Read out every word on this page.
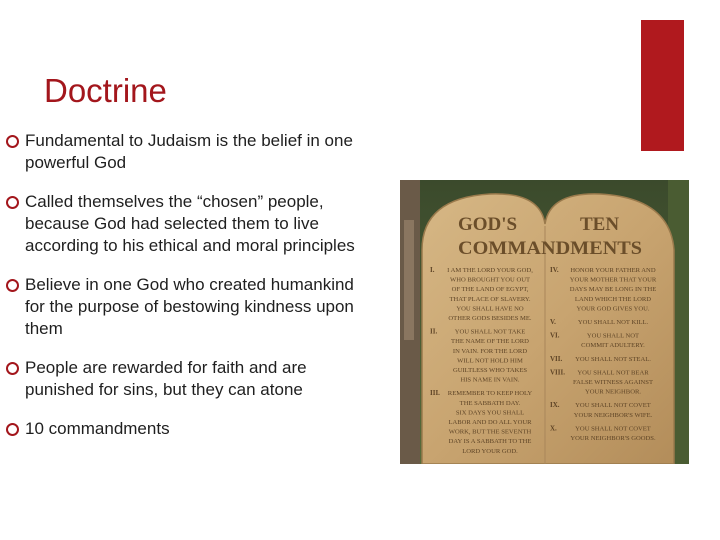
Doctrine
Fundamental to Judaism is the belief in one powerful God
Called themselves the “chosen” people, because God had selected them to live according to his ethical and moral principles
Believe in one God who created humankind for the purpose of bestowing kindness upon them
People are rewarded for faith and are punished for sins, but they can atone
10 commandments
GOD'S	TEN
COMMANDMENTS
I. I AM THE LORD YOUR GOD,
WHO BROUGHT YOU OUT
OF THE LAND OF EGYPT,
THAT PLACE OF SLAVERY.
YOU SHALL HAVE NO
OTHER GODS BESIDES ME.
II.	YOU SHALL NOT TAKE
THE NAME OF THE LORD
IN VAIN. FOR THE LORD
WILL NOT HOLD HIM
GUILTLESS WHO TAKES
HIS NAME IN VAIN.
III. REMEMBER TO KEEP HOLY
THE SABBATH DAY.
SIX DAYS YOU SHALL
LABOR AND DO ALL YOUR
WORK, BUT THE SEVENTH
DAY IS A SABBATH TO THE
LORD YOUR GOD.
IV. HONOR YOUR FATHER AND
YOUR MOTHER THAT YOUR
DAYS MAY BE LONG IN THE
LAND WHICH THE LORD
YOUR GOD GIVES YOU.
V.	YOU SHALL NOT KILL.
VI.	YOU SHALL NOT
COMMIT ADULTERY.
VII. YOU SHALL NOT STEAL.
VIII. YOU SHALL NOT BEAR
FALSE WITNESS AGAINST
YOUR NEIGHBOR.
IX. YOU SHALL NOT COVET
YOUR NEIGHBOR'S WIFE.
X.	YOU SHALL NOT COVET
YOUR NEIGHBOR'S GOODS.
